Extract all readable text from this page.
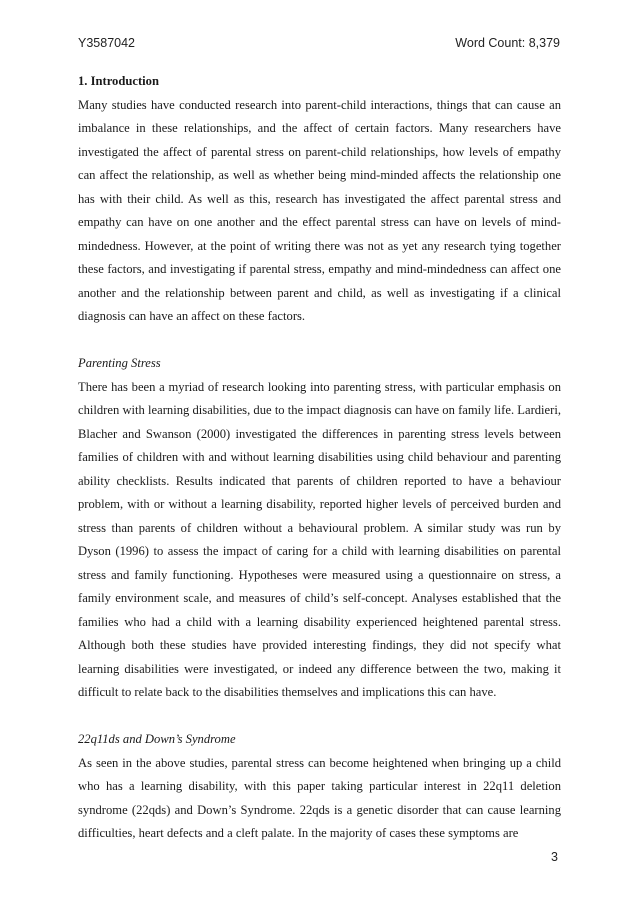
Y3587042	Word Count: 8,379
1. Introduction

Many studies have conducted research into parent-child interactions, things that can cause an imbalance in these relationships, and the affect of certain factors. Many researchers have investigated the affect of parental stress on parent-child relationships, how levels of empathy can affect the relationship, as well as whether being mind-minded affects the relationship one has with their child. As well as this, research has investigated the affect parental stress and empathy can have on one another and the effect parental stress can have on levels of mind-mindedness. However, at the point of writing there was not as yet any research tying together these factors, and investigating if parental stress, empathy and mind-mindedness can affect one another and the relationship between parent and child, as well as investigating if a clinical diagnosis can have an affect on these factors.

Parenting Stress

There has been a myriad of research looking into parenting stress, with particular emphasis on children with learning disabilities, due to the impact diagnosis can have on family life. Lardieri, Blacher and Swanson (2000) investigated the differences in parenting stress levels between families of children with and without learning disabilities using child behaviour and parenting ability checklists. Results indicated that parents of children reported to have a behaviour problem, with or without a learning disability, reported higher levels of perceived burden and stress than parents of children without a behavioural problem. A similar study was run by Dyson (1996) to assess the impact of caring for a child with learning disabilities on parental stress and family functioning. Hypotheses were measured using a questionnaire on stress, a family environment scale, and measures of child’s self-concept. Analyses established that the families who had a child with a learning disability experienced heightened parental stress. Although both these studies have provided interesting findings, they did not specify what learning disabilities were investigated, or indeed any difference between the two, making it difficult to relate back to the disabilities themselves and implications this can have.

22q11ds and Down’s Syndrome

As seen in the above studies, parental stress can become heightened when bringing up a child who has a learning disability, with this paper taking particular interest in 22q11 deletion syndrome (22qds) and Down’s Syndrome. 22qds is a genetic disorder that can cause learning difficulties, heart defects and a cleft palate. In the majority of cases these symptoms are

3
